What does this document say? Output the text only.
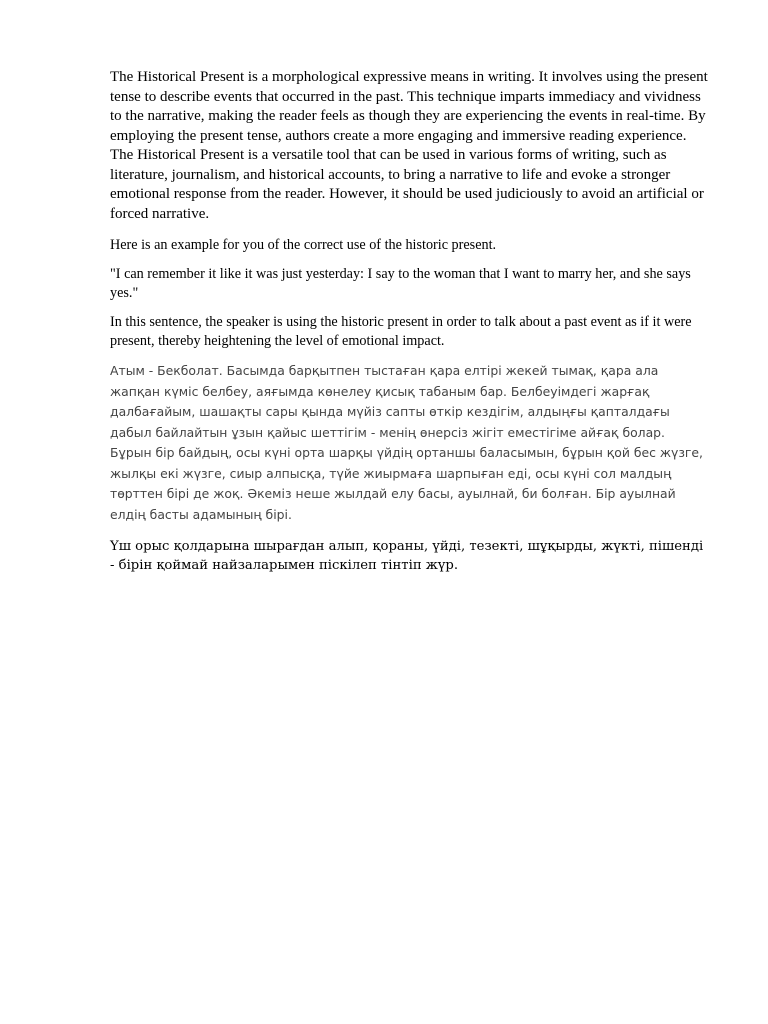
The Historical Present is a morphological expressive means in writing. It involves using the present tense to describe events that occurred in the past. This technique imparts immediacy and vividness to the narrative, making the reader feels as though they are experiencing the events in real-time. By employing the present tense, authors create a more engaging and immersive reading experience. The Historical Present is a versatile tool that can be used in various forms of writing, such as literature, journalism, and historical accounts, to bring a narrative to life and evoke a stronger emotional response from the reader. However, it should be used judiciously to avoid an artificial or forced narrative.

Here is an example for you of the correct use of the historic present.

"I can remember it like it was just yesterday: I say to the woman that I want to marry her, and she says yes."

In this sentence, the speaker is using the historic present in order to talk about a past event as if it were present, thereby heightening the level of emotional impact.

Атым - Бекболат. Басымда барқытпен тыстаған қара елтірі жекей тымақ, қара ала жапқан күміс белбеу, аяғымда көнелеу қисық табаным бар. Белбеуімдегі жарғақ далбағайым, шашақты сары қында мүйіз сапты өткір кездігім, алдыңғы қапталдағы дабыл байлайтын ұзын қайыс шеттігім - менің өнерсіз жігіт еместігіме айғақ болар. Бұрын бір байдың, осы күні орта шарқы үйдің ортаншы баласымын, бұрын қой бес жүзге, жылқы екі жүзге, сиыр алпысқа, түйе жиырмаға шарпыған еді, осы күні сол малдың төрттен бірі де жоқ. Әкеміз неше жылдай елу басы, ауылнай, би болған. Бір ауылнай елдің басты адамының бірі.

Үш орыс қолдарына шырағдан алып, қораны, үйді, тезекті, шұқырды, жүкті, пішенді - бірін қоймай найзаларымен піскілеп тінтіп жүр.
